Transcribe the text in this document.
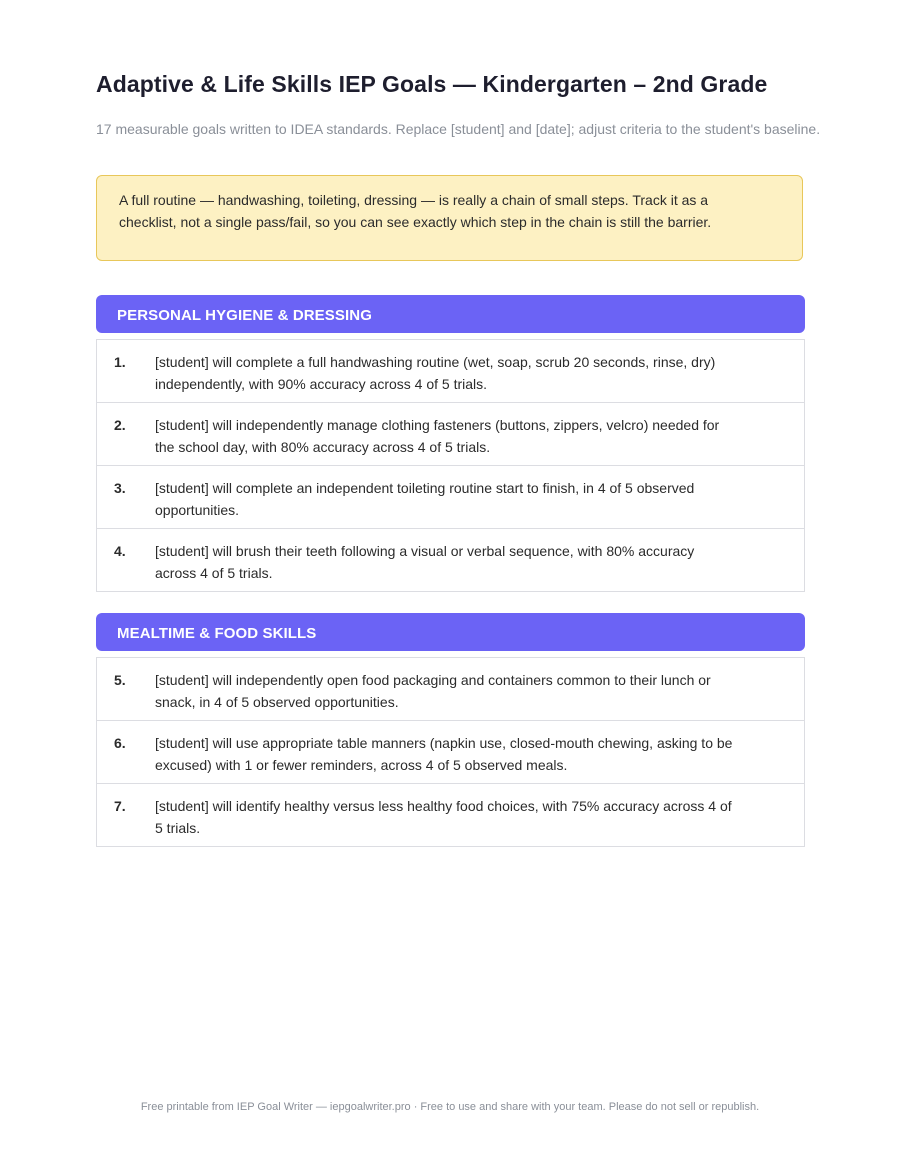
Adaptive & Life Skills IEP Goals — Kindergarten – 2nd Grade

17 measurable goals written to IDEA standards. Replace [student] and [date]; adjust criteria to the student's baseline.

A full routine — handwashing, toileting, dressing — is really a chain of small steps. Track it as a
checklist, not a single pass/fail, so you can see exactly which step in the chain is still the barrier.
PERSONAL HYGIENE & DRESSING
1.	[student] will complete a full handwashing routine (wet, soap, scrub 20 seconds, rinse, dry)
independently, with 90% accuracy across 4 of 5 trials.
2.	[student] will independently manage clothing fasteners (buttons, zippers, velcro) needed for
the school day, with 80% accuracy across 4 of 5 trials.
3.	[student] will complete an independent toileting routine start to finish, in 4 of 5 observed
opportunities.
4.	[student] will brush their teeth following a visual or verbal sequence, with 80% accuracy
across 4 of 5 trials.
MEALTIME & FOOD SKILLS
5.	[student] will independently open food packaging and containers common to their lunch or
snack, in 4 of 5 observed opportunities.
6.	[student] will use appropriate table manners (napkin use, closed-mouth chewing, asking to be
excused) with 1 or fewer reminders, across 4 of 5 observed meals.
7.	[student] will identify healthy versus less healthy food choices, with 75% accuracy across 4 of
5 trials.
Free printable from IEP Goal Writer — iepgoalwriter.pro · Free to use and share with your team. Please do not sell or republish.
